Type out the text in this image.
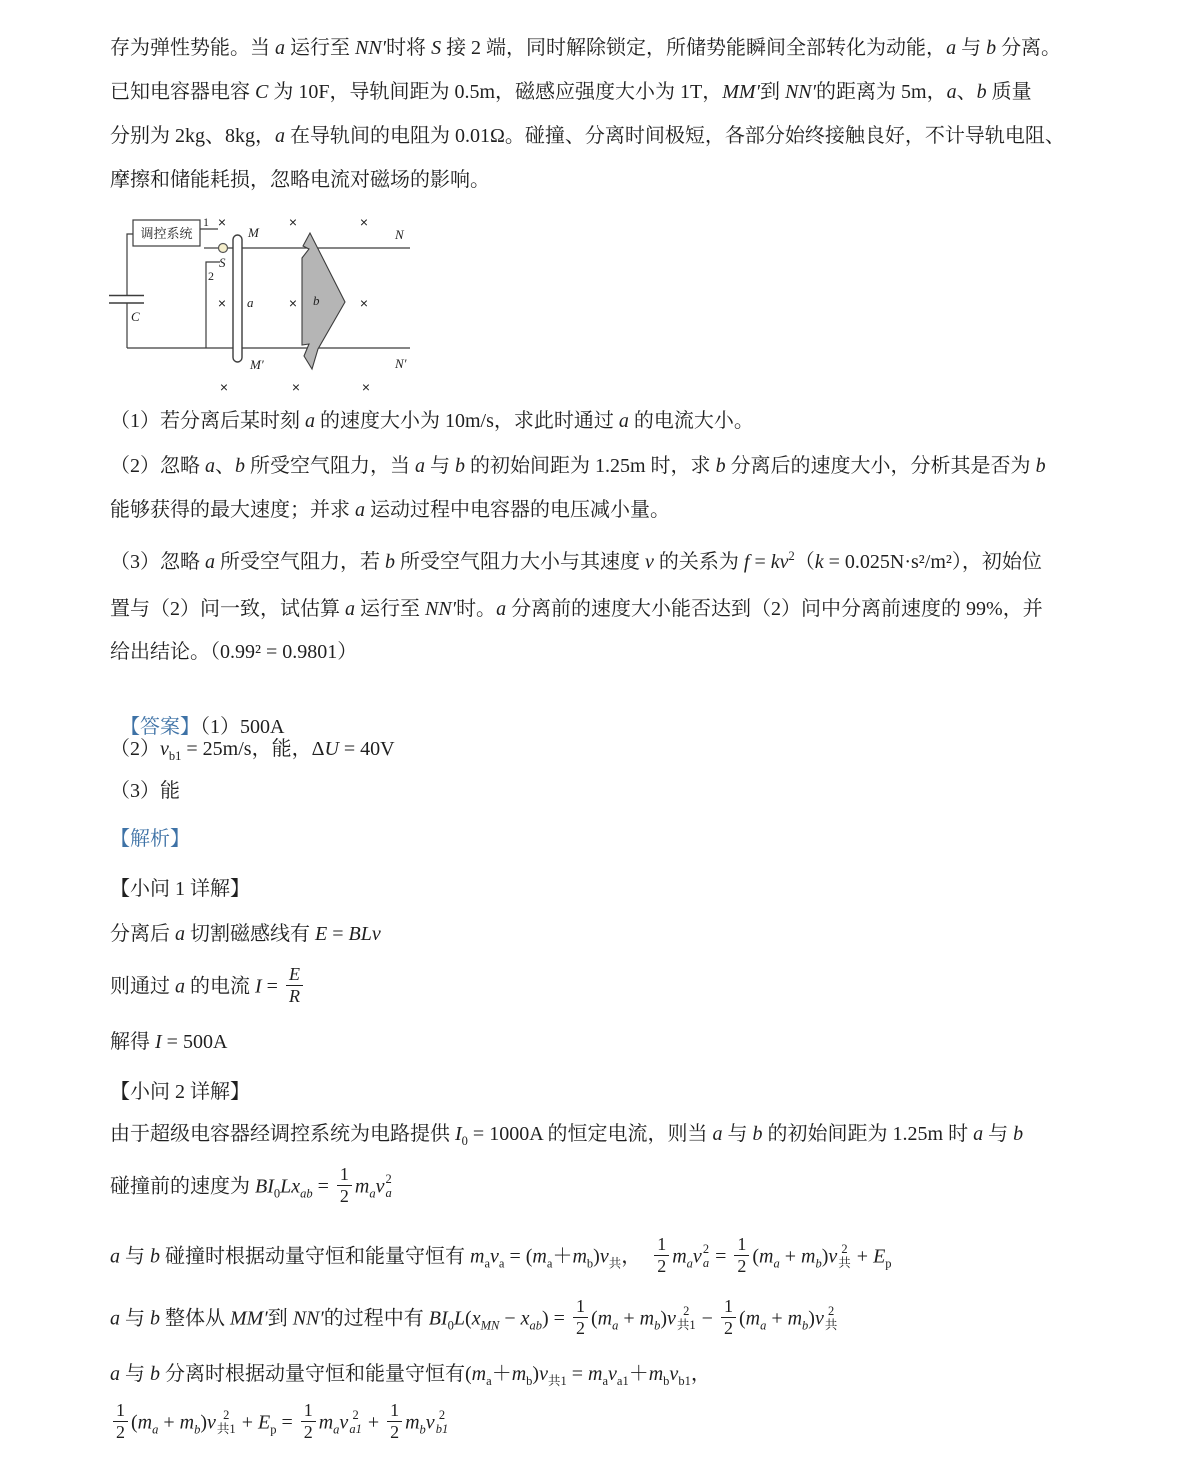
存为弹性势能。当 a 运行至 NN′时将 S 接 2 端，同时解除锁定，所储势能瞬间全部转化为动能，a 与 b 分离。
已知电容器电容 C 为 10F，导轨间距为 0.5m，磁感应强度大小为 1T，MM′到 NN′的距离为 5m，a、b 质量
分别为 2kg、8kg，a 在导轨间的电阻为 0.01Ω。碰撞、分离时间极短，各部分始终接触良好，不计导轨电阻、
摩擦和储能耗损，忽略电流对磁场的影响。
调控系统
C
1
2
S
a	b
M	N
M′	N′
×	×	×
×	×	×
×	×	×
（1）若分离后某时刻 a 的速度大小为 10m/s，求此时通过 a 的电流大小。
（2）忽略 a、b 所受空气阻力，当 a 与 b 的初始间距为 1.25m 时，求 b 分离后的速度大小，分析其是否为 b
能够获得的最大速度；并求 a 运动过程中电容器的电压减小量。
（3）忽略 a 所受空气阻力，若 b 所受空气阻力大小与其速度 v 的关系为 $f = kv^2(k = 0.025N\cdot s^2/m^2)$，初始位
置与（2）问一致，试估算 a 运行至 NN′时。a 分离前的速度大小能否达到（2）问中分离前速度的 99%，并
给出结论。（0.99² = 0.9801）

【答案】（1）500A

$(2)v_{b1} = 25m/s$，能，ΔU = 40V
（3）能
【解析】
【小问 1 详解】
分离后 a 切割磁感线有 E = BLv
则通过 a 的电流 $I = \frac{E}{R}$
解得 I = 500A
【小问 2 详解】
由于超级电容器经调控系统为电路提供 $I_0 = 1000A$ 的恒定电流，则当 a 与 b 的初始间距为 1.25m 时 a 与 b
碰撞前的速度为 $BI_0Lx_{ab} = \frac{1}{2} m_av$ 2
a
a 与 b 碰撞时根据动量守恒和能量守恒有 $m_av_a = (m_a+m_b)v_共$，　 $\frac{1}{2} m_av$ 2
$a = \frac{1}{2} (m_a + m_b)v$ 2
共 + $E_p$
a 与 b 整体从 MM′到 NN′的过程中有 $BI_0L(x_{MN} - x_{ab}) = \frac{1}{2} (m_a + m_b)v$ 2
共$1 - \frac{1}{2} (m_a + m_b)v$ 2
共
a 与 b 分离时根据动量守恒和能量守恒有$(m_a+m_b)v_{共1} = m_av_{a1}+m_bv_{b1}$，
$\frac{1}{2} (m_a + m_b)v$ 2
共$1 + E_p = \frac{1}{2} m_av$ 2
$a1 + \frac{1}{2} m_bv$ 2
b1
